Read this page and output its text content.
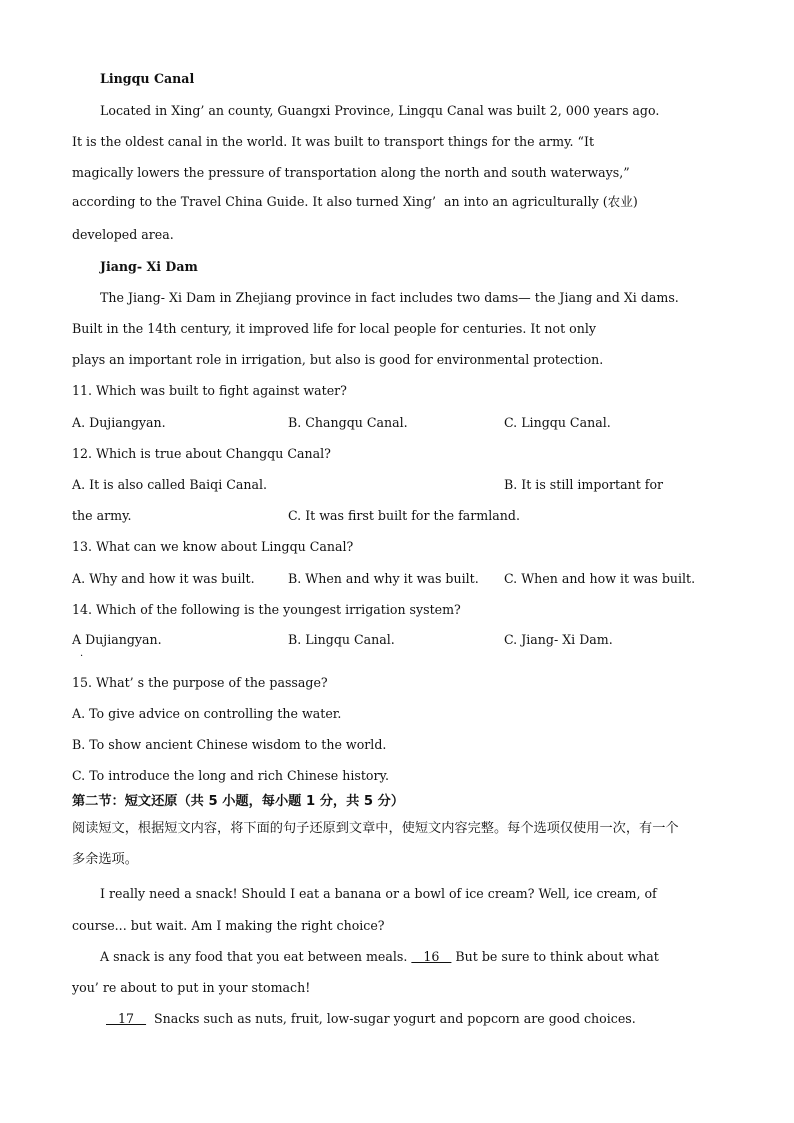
Lingqu Canal
Located in Xing’ an county, Guangxi Province, Lingqu Canal was built 2, 000 years ago.
It is the oldest canal in the world. It was built to transport things for the army. “It
magically lowers the pressure of transportation along the north and south waterways,”
according to the Travel China Guide. It also turned Xing’  an into an agriculturally (农业)
developed area.
Jiang- Xi Dam
The Jiang- Xi Dam in Zhejiang province in fact includes two dams— the Jiang and Xi dams.
Built in the 14th century, it improved life for local people for centuries. It not only
plays an important role in irrigation, but also is good for environmental protection.
11. Which was built to fight against water?
A. Dujiangyan.	B. Changqu Canal.	C. Lingqu Canal.
12. Which is true about Changqu Canal?
A. It is also called Baiqi Canal.	B. It is still important for
the army.	C. It was first built for the farmland.
13. What can we know about Lingqu Canal?
A. Why and how it was built.	B. When and why it was built. C. When and how it was built.
14. Which of the following is the youngest irrigation system?
A Dujiangyan.	B. Lingqu Canal.	C. Jiang- Xi Dam.
·
15. What’ s the purpose of the passage?
A. To give advice on controlling the water.
B. To show ancient Chinese wisdom to the world.
C. To introduce the long and rich Chinese history.
第二节：短文还原（共 5 小题，每小题 1 分，共 5 分）
阅读短文，根据短文内容，将下面的句子还原到文章中，使短文内容完整。每个选项仅使用一次，有一个
多余选项。
I really need a snack! Should I eat a banana or a bowl of ice cream? Well, ice cream, of
course... but wait. Am I making the right choice?
A snack is any food that you eat between meals.    16    But be sure to think about what
you’ re about to put in your stomach!
17     Snacks such as nuts, fruit, low-sugar yogurt and popcorn are good choices.
